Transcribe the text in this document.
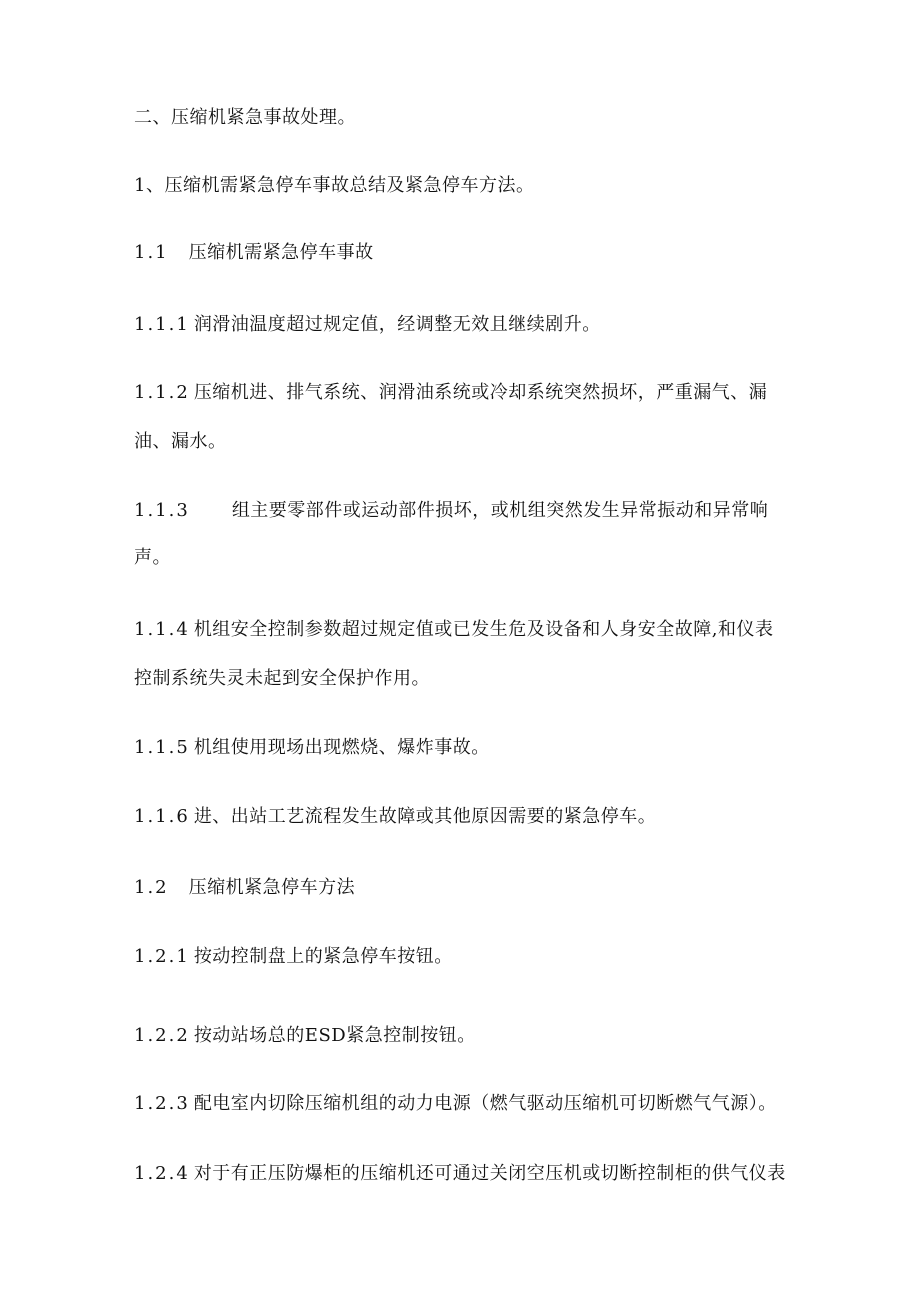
二、压缩机紧急事故处理。
1、压缩机需紧急停车事故总结及紧急停车方法。
1.1 压缩机需紧急停车事故
1.1.1 润滑油温度超过规定值，经调整无效且继续剧升。
1.1.2 压缩机进、排气系统、润滑油系统或冷却系统突然损坏，严重漏气、漏
油、漏水。
1.1.3 组主要零部件或运动部件损坏，或机组突然发生异常振动和异常响
声。
1.1.4 机组安全控制参数超过规定值或已发生危及设备和人身安全故障,和仪表
控制系统失灵未起到安全保护作用。
1.1.5 机组使用现场出现燃烧、爆炸事故。
1.1.6 进、出站工艺流程发生故障或其他原因需要的紧急停车。
1.2 压缩机紧急停车方法
1.2.1 按动控制盘上的紧急停车按钮。
1.2.2 按动站场总的ESD紧急控制按钮。
1.2.3 配电室内切除压缩机组的动力电源（燃气驱动压缩机可切断燃气气源）。
1.2.4 对于有正压防爆柜的压缩机还可通过关闭空压机或切断控制柜的供气仪表
